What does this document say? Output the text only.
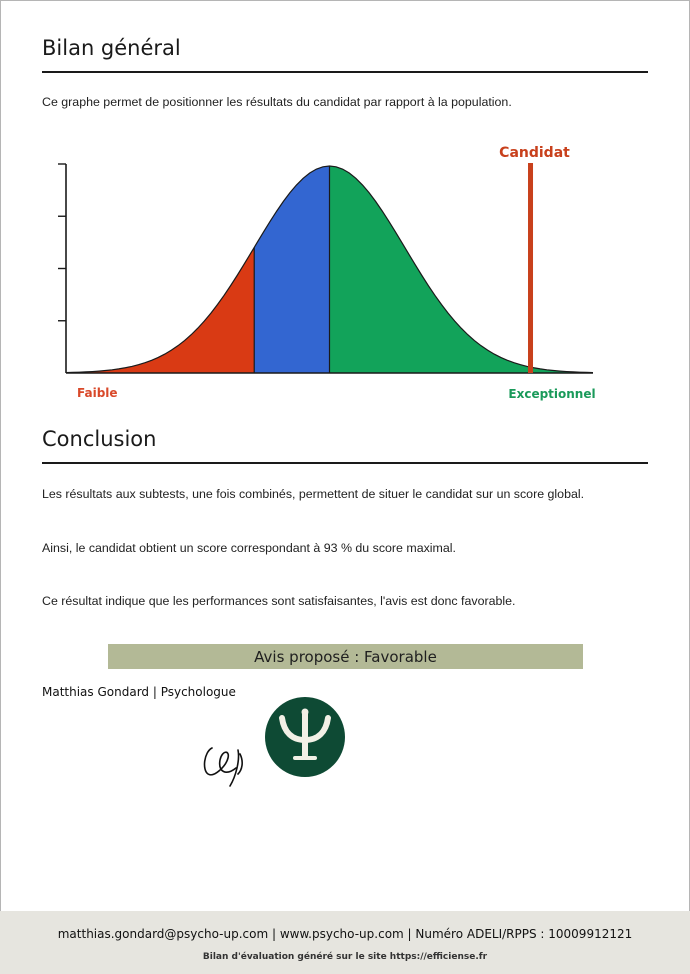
Bilan général

Ce graphe permet de positionner les résultats du candidat par rapport à la population.

Candidat
Faible	Exceptionnel
Conclusion

Les résultats aux subtests, une fois combinés, permettent de situer le candidat sur un score global.

Ainsi, le candidat obtient un score correspondant à 93 % du score maximal.

Ce résultat indique que les performances sont satisfaisantes, l'avis est donc favorable.

Avis proposé : Favorable

Matthias Gondard | Psychologue

matthias.gondard@psycho-up.com | www.psycho-up.com | Numéro ADELI/RPPS : 10009912121
Bilan d'évaluation généré sur le site https://efficiense.fr
